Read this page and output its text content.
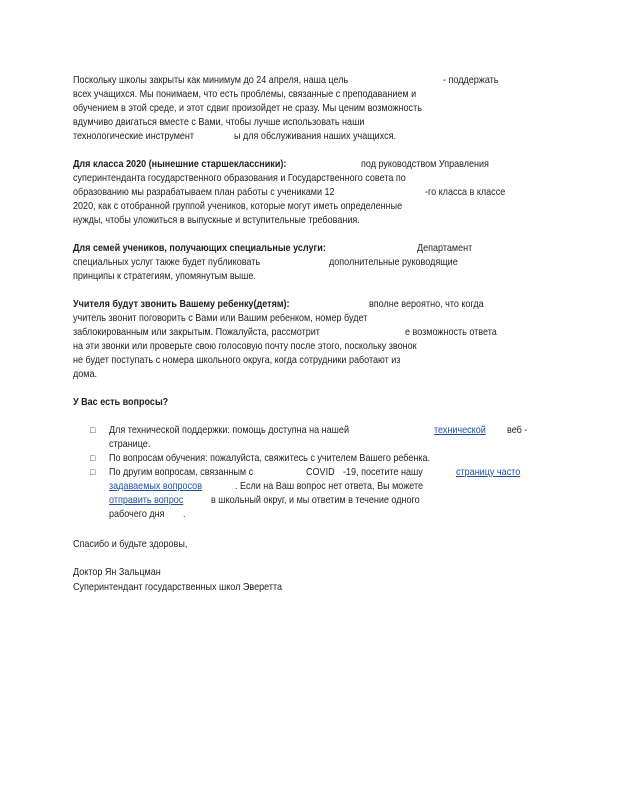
Поскольку школы закрыты как минимум до 24 апреля, наша цель	- поддержать
всех учащихся. Мы понимаем, что есть проблемы, связанные с преподаванием и
обучением в этой среде, и этот сдвиг произойдет не сразу. Мы ценим возможность
вдумчиво двигаться вместе с Вами, чтобы лучше использовать наши
технологические инструмент	ы для обслуживания наших учащихся.
Для класса 2020 (нынешние старшеклассники):	под руководством Управления
суперинтенданта государственного образования и Государственного совета по
образованию мы разрабатываем план работы с учениками 12	-го класса в классе
2020, как с отобранной группой учеников, которые могут иметь определенные
нужды, чтобы уложиться в выпускные и вступительные требования.
Для семей учеников, получающих специальные услуги:	Департамент
специальных услуг также будет публиковать	дополнительные руководящие
принципы к стратегиям, упомянутым выше.
Учителя будут звонить Вашему ребенку(детям):	вполне вероятно, что когда
учитель звонит поговорить с Вами или Вашим ребенком, номер будет
заблокированным или закрытым. Пожалуйста, рассмотрит	е возможность ответа
на эти звонки или проверьте свою голосовую почту после этого, поскольку звонок
не будет поступать с номера школьного округа, когда сотрудники работают из
дома.
У Вас есть вопросы?
□ Для технической поддержки: помощь доступна на нашей	технической веб -
странице.
□ По вопросам обучения: пожалуйста, свяжитесь с учителем Вашего ребенка.
□ По другим вопросам, связанным с	COVID -19, посетите нашу	страницу часто
задаваемых вопросов	. Если на Ваш вопрос нет ответа, Вы можете
отправить вопрос	в школьный округ, и мы ответим в течение одного
рабочего дня .
Спасибо и будьте здоровы,
Доктор Ян Зальцман
Суперинтендант государственных школ Эверетта
